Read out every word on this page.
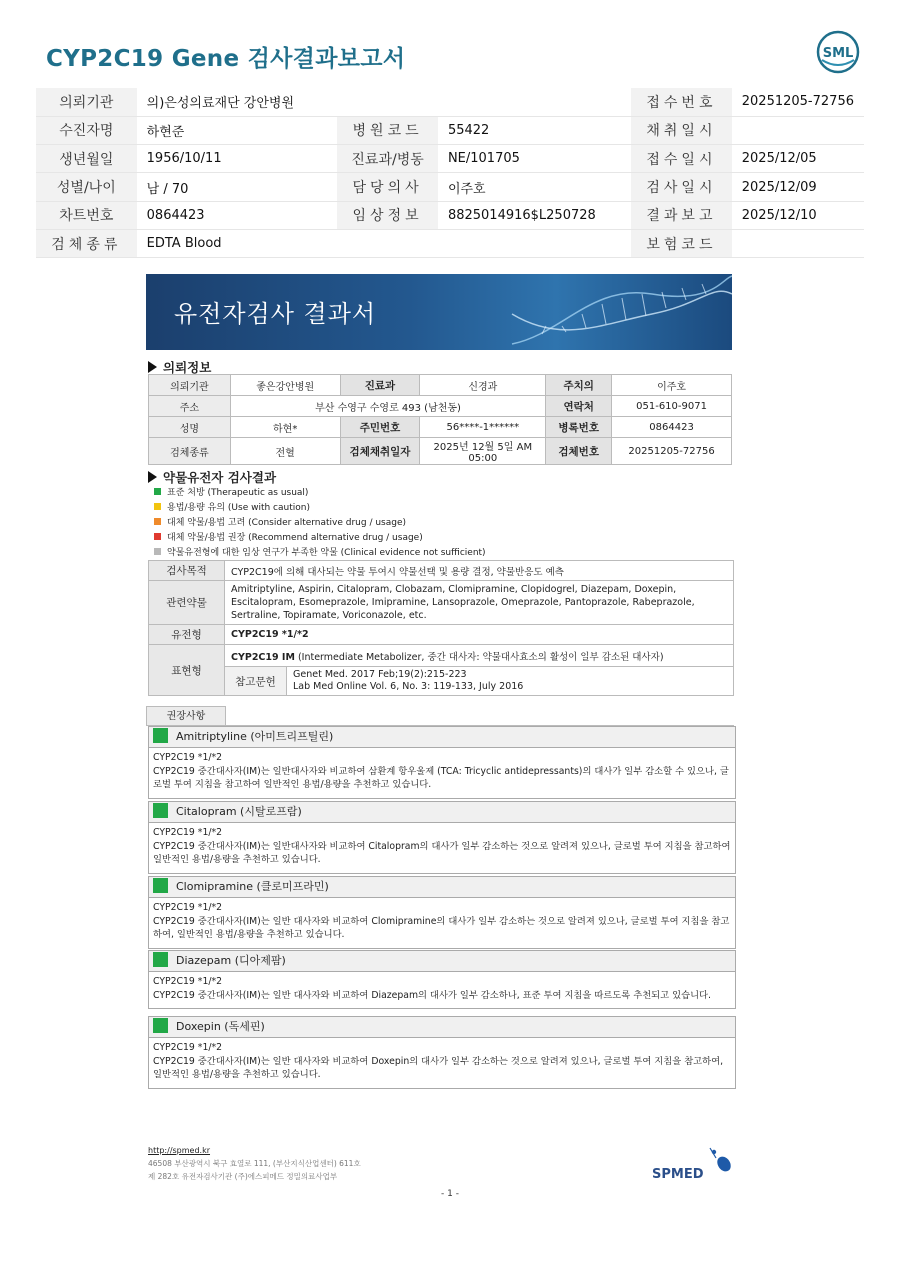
CYP2C19 Gene 검사결과보고서	SML
의뢰기관	의)은성의료재단 강안병원			접수번호	20251205-72756
수진자명	하현준	병원코드	55422	채취일시	
생년월일	1956/10/11	진료과/병동	NE/101705	접수일시	2025/12/05
성별/나이	남 / 70	담당의사	이주호	검사일시	2025/12/09
차트번호	0864423	임상정보	8825014916$L250728	결과보고	2025/12/10
검체종류	EDTA Blood			보험코드	
유전자검사 결과서
의뢰정보
의뢰기관	좋은강안병원	진료과	신경과	주치의	이주호
주소	부산 수영구 수영로 493 (남천동)			연락처	051-610-9071
성명	하현*	주민번호	56****-1******	병록번호	0864423
검체종류	전혈	검체채취일자	2025년 12월 5일 AM 05:00	검체번호	20251205-72756
약물유전자 검사결과
표준 처방 (Therapeutic as usual)
용법/용량 유의 (Use with caution)
대체 약물/용법 고려 (Consider alternative drug / usage)
대체 약물/용법 권장 (Recommend alternative drug / usage)
약물유전형에 대한 임상 연구가 부족한 약물 (Clinical evidence not sufficient)
검사목적	CYP2C19에 의해 대사되는 약물 투여시 약물선택 및 용량 결정, 약물반응도 예측	
관련약물	Amitriptyline, Aspirin, Citalopram, Clobazam, Clomipramine, Clopidogrel, Diazepam, Doxepin, Escitalopram, Esomeprazole, Imipramine, Lansoprazole, Omeprazole, Pantoprazole, Rabeprazole, Sertraline, Topiramate, Voriconazole, etc.	
유전형	CYP2C19 *1/*2	
표현형	CYP2C19 IM (Intermediate Metabolizer, 중간 대사자: 약물대사효소의 활성이 일부 감소된 대사자)	
	참고문헌	Genet Med. 2017 Feb;19(2):215-223
Lab Med Online Vol. 6, No. 3: 119-133, July 2016
권장사항
Amitriptyline (아미트리프틸린)
CYP2C19 *1/*2
CYP2C19 중간대사자(IM)는 일반대사자와 비교하여 삼환계 항우울제 (TCA: Tricyclic antidepressants)의 대사가 일부 감소할 수 있으나, 글로벌 투여 지침을 참고하여 일반적인 용법/용량을 추천하고 있습니다.
Citalopram (시탈로프람)
CYP2C19 *1/*2
CYP2C19 중간대사자(IM)는 일반대사자와 비교하여 Citalopram의 대사가 일부 감소하는 것으로 알려져 있으나, 글로벌 투여 지침을 참고하여 일반적인 용법/용량을 추천하고 있습니다.
Clomipramine (클로미프라민)
CYP2C19 *1/*2
CYP2C19 중간대사자(IM)는 일반 대사자와 비교하여 Clomipramine의 대사가 일부 감소하는 것으로 알려져 있으나, 글로벌 투여 지침을 참고하여, 일반적인 용법/용량을 추천하고 있습니다.
Diazepam (디아제팜)
CYP2C19 *1/*2
CYP2C19 중간대사자(IM)는 일반 대사자와 비교하여 Diazepam의 대사가 일부 감소하나, 표준 투여 지침을 따르도록 추천되고 있습니다.
Doxepin (독세핀)
CYP2C19 *1/*2
CYP2C19 중간대사자(IM)는 일반 대사자와 비교하여 Doxepin의 대사가 일부 감소하는 것으로 알려져 있으나, 글로벌 투여 지침을 참고하여, 일반적인 용법/용량을 추천하고 있습니다.
http://spmed.kr
46508 부산광역시 북구 효열로 111, (부산지식산업센터) 611호
제 282호 유전자검사기관 (주)에스피메드 정밀의료사업부	SPMED
- 1 -
